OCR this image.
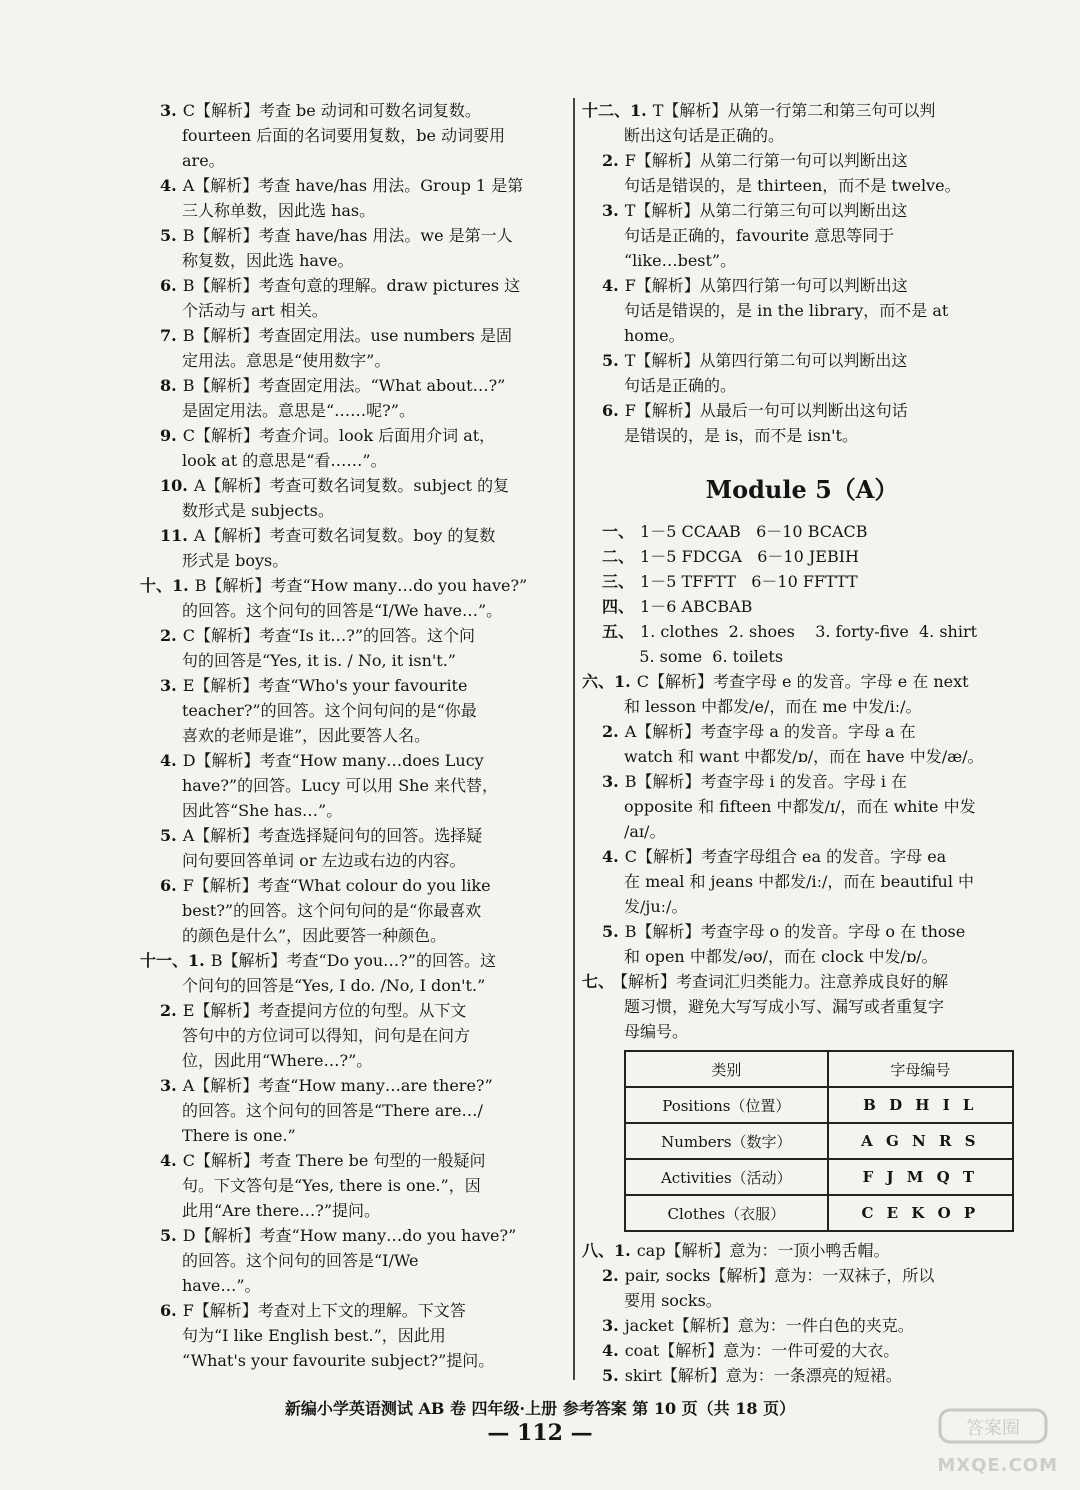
3. C【解析】考查 be 动词和可数名词复数。

fourteen 后面的名词要用复数，be 动词要用

are。

4. A【解析】考查 have/has 用法。Group 1 是第

三人称单数，因此选 has。

5. B【解析】考查 have/has 用法。we 是第一人

称复数，因此选 have。

6. B【解析】考查句意的理解。draw pictures 这

个活动与 art 相关。

7. B【解析】考查固定用法。use numbers 是固

定用法。意思是“使用数字”。

8. B【解析】考查固定用法。“What about…?”

是固定用法。意思是“……呢?”。

9. C【解析】考查介词。look 后面用介词 at，

look at 的意思是“看……”。

10. A【解析】考查可数名词复数。subject 的复

数形式是 subjects。

11. A【解析】考查可数名词复数。boy 的复数

形式是 boys。

十、1. B【解析】考查“How many…do you have?”

的回答。这个问句的回答是“I/We have…”。

2. C【解析】考查“Is it…?”的回答。这个问

句的回答是“Yes, it is. / No, it isn't.”

3. E【解析】考查“Who's your favourite

teacher?”的回答。这个问句问的是“你最

喜欢的老师是谁”，因此要答人名。

4. D【解析】考查“How many…does Lucy

have?”的回答。Lucy 可以用 She 来代替，

因此答“She has…”。

5. A【解析】考查选择疑问句的回答。选择疑

问句要回答单词 or 左边或右边的内容。

6. F【解析】考查“What colour do you like

best?”的回答。这个问句问的是“你最喜欢

的颜色是什么”，因此要答一种颜色。

十一、1. B【解析】考查“Do you…?”的回答。这

个问句的回答是“Yes, I do. /No, I don't.”

2. E【解析】考查提问方位的句型。从下文

答句中的方位词可以得知，问句是在问方

位，因此用“Where…?”。

3. A【解析】考查“How many…are there?”

的回答。这个问句的回答是“There are…/

There is one.”

4. C【解析】考查 There be 句型的一般疑问

句。下文答句是“Yes, there is one.”，因

此用“Are there…?”提问。

5. D【解析】考查“How many…do you have?”

的回答。这个问句的回答是“I/We

have…”。

6. F【解析】考查对上下文的理解。下文答

句为“I like English best.”，因此用

“What's your favourite subject?”提问。

十二、1. T【解析】从第一行第二和第三句可以判

断出这句话是正确的。

2. F【解析】从第二行第一句可以判断出这

句话是错误的，是 thirteen，而不是 twelve。

3. T【解析】从第二行第三句可以判断出这

句话是正确的，favourite 意思等同于

“like…best”。

4. F【解析】从第四行第一句可以判断出这

句话是错误的，是 in the library，而不是 at

home。

5. T【解析】从第四行第二句可以判断出这

句话是正确的。

6. F【解析】从最后一句可以判断出这句话

是错误的，是 is，而不是 isn't。

Module 5（A）

一、 1－5 CCAAB   6－10 BCACB

二、 1－5 FDCGA   6－10 JEBIH

三、 1－5 TFFTT   6－10 FFTTT

四、 1－6 ABCBAB

五、 1. clothes  2. shoes    3. forty-five  4. shirt

5. some  6. toilets

六、1. C【解析】考查字母 e 的发音。字母 e 在 next

和 lesson 中都发/e/，而在 me 中发/iː/。

2. A【解析】考查字母 a 的发音。字母 a 在

watch 和 want 中都发/ɒ/，而在 have 中发/æ/。

3. B【解析】考查字母 i 的发音。字母 i 在

opposite 和 fifteen 中都发/ɪ/，而在 white 中发

/aɪ/。

4. C【解析】考查字母组合 ea 的发音。字母 ea

在 meal 和 jeans 中都发/iː/，而在 beautiful 中

发/juː/。

5. B【解析】考查字母 o 的发音。字母 o 在 those

和 open 中都发/əʊ/，而在 clock 中发/ɒ/。

七、 【解析】考查词汇归类能力。注意养成良好的解

题习惯，避免大写写成小写、漏写或者重复字

母编号。

类别	字母编号
Positions（位置）	B D H I L
Numbers（数字）	A G N R S
Activities（活动）	F J M Q T
Clothes（衣服）	C E K O P

八、1. cap【解析】意为：一顶小鸭舌帽。

2. pair, socks【解析】意为：一双袜子，所以

要用 socks。

3. jacket【解析】意为：一件白色的夹克。

4. coat【解析】意为：一件可爱的大衣。

5. skirt【解析】意为：一条漂亮的短裙。

新编小学英语测试 AB 卷 四年级·上册 参考答案 第 10 页（共 18 页）
— 112 —	答案圈
MXQE.COM
